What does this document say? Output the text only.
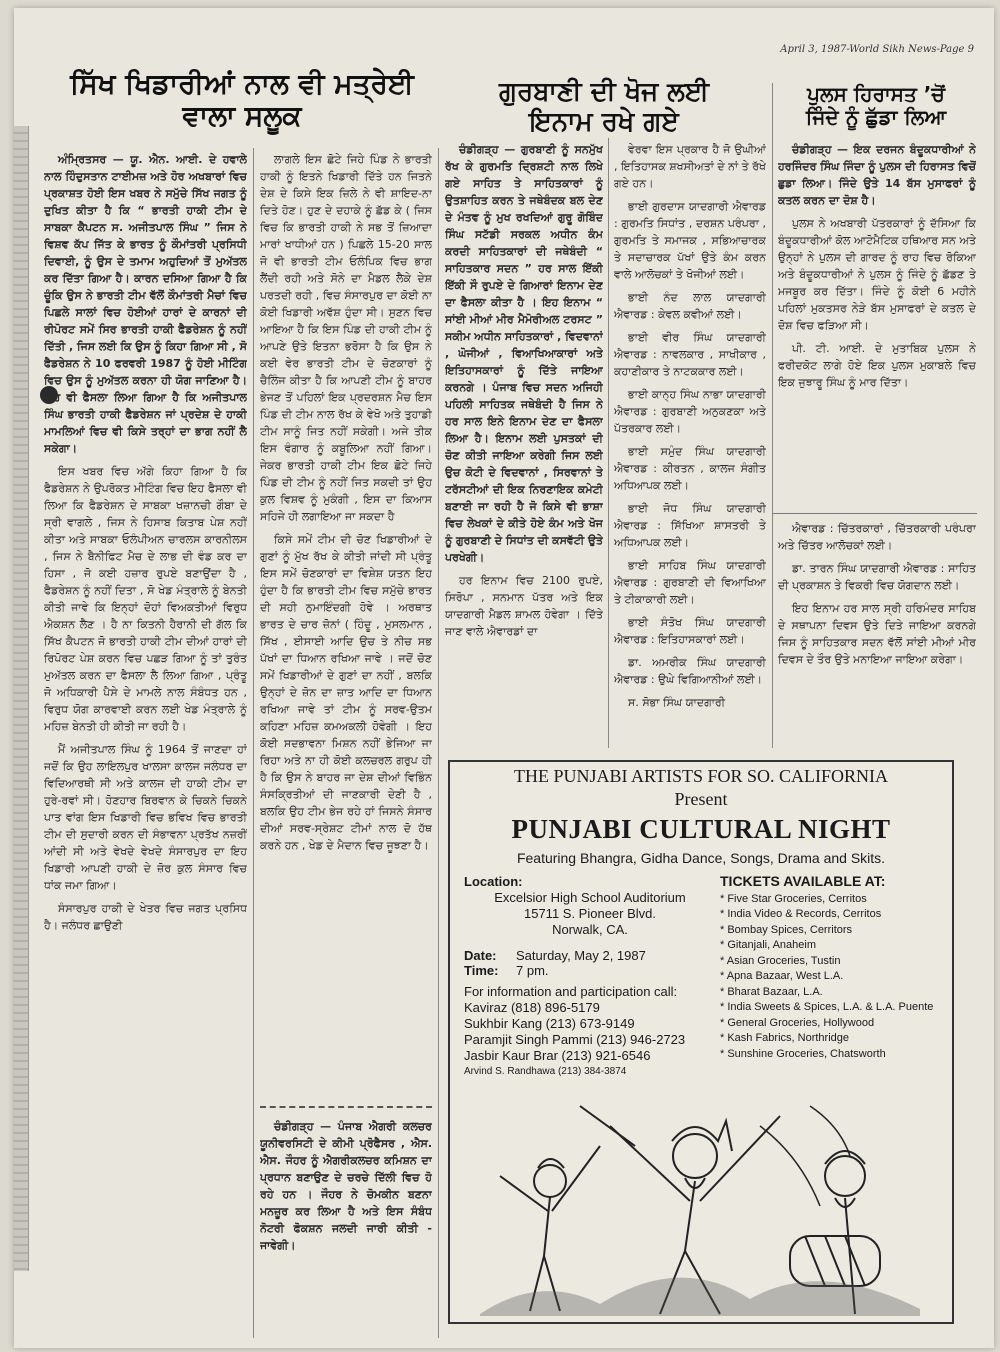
April 3, 1987-World Sikh News-Page 9
ਸਿੱਖ ਖਿਡਾਰੀਆਂ ਨਾਲ ਵੀ ਮਤ੍ਰੇਈ
ਵਾਲਾ ਸਲੂਕ
ਗੁਰਬਾਣੀ ਦੀ ਖੋਜ ਲਈ
ਇਨਾਮ ਰਖੇ ਗਏ
ਪੁਲਸ ਹਿਰਾਸਤ ’ਚੋਂ
ਜਿੰਦੇ ਨੂੰ ਛੁੱਡਾ ਲਿਆ

ਅੰਮ੍ਰਿਤਸਰ — ਯੂ. ਐਨ. ਆਈ. ਦੇ ਹਵਾਲੇ ਨਾਲ ਹਿੰਦੁਸਤਾਨ ਟਾਈਮਜ਼ ਅਤੇ ਹੋਰ ਅਖਬਾਰਾਂ ਵਿਚ ਪ੍ਰਕਾਸ਼ਤ ਹੋਈ ਇਸ ਖਬਰ ਨੇ ਸਮੁੱਚੇ ਸਿੱਖ ਜਗਤ ਨੂੰ ਦੁਖਿਤ ਕੀਤਾ ਹੈ ਕਿ “ ਭਾਰਤੀ ਹਾਕੀ ਟੀਮ ਦੇ ਸਾਬਕਾ ਕੈਪਟਨ ਸ. ਅਜੀਤਪਾਲ ਸਿੰਘ ” ਜਿਸ ਨੇ ਵਿਸ਼ਵ ਕੱਪ ਜਿੱਤ ਕੇ ਭਾਰਤ ਨੂੰ ਕੌਮਾਂਤਰੀ ਪ੍ਰਸਿਧੀ ਦਿਵਾਈ, ਨੂੰ ਉਸ ਦੇ ਤਮਾਮ ਅਹੁਦਿਆਂ ਤੋਂ ਮੁਅੱਤਲ ਕਰ ਦਿੱਤਾ ਗਿਆ ਹੈ। ਕਾਰਨ ਦਸਿਆ ਗਿਆ ਹੈ ਕਿ ਚੂੰਕਿ ਉਸ ਨੇ ਭਾਰਤੀ ਟੀਮ ਵੱਲੋਂ ਕੌਮਾਂਤਰੀ ਮੈਚਾਂ ਵਿਚ ਪਿਛਲੇ ਸਾਲਾਂ ਵਿਚ ਹੋਈਆਂ ਹਾਰਾਂ ਦੇ ਕਾਰਨਾਂ ਦੀ ਰੀਪੋਰਟ ਸਮੇਂ ਸਿਰ ਭਾਰਤੀ ਹਾਕੀ ਫੈਡਰੇਸ਼ਨ ਨੂੰ ਨਹੀਂ ਦਿੱਤੀ , ਜਿਸ ਲਈ ਕਿ ਉਸ ਨੂੰ ਕਿਹਾ ਗਿਆ ਸੀ , ਸੋ ਫੈਡਰੇਸ਼ਨ ਨੇ 10 ਫਰਵਰੀ 1987 ਨੂੰ ਹੋਈ ਮੀਟਿੰਗ ਵਿਚ ਉਸ ਨੂੰ ਮੁਅੱਤਲ ਕਰਨਾ ਹੀ ਯੋਗ ਜਾਣਿਆ ਹੈ। ਇਹ ਵੀ ਫੈਸਲਾ ਲਿਆ ਗਿਆ ਹੈ ਕਿ ਅਜੀਤਪਾਲ ਸਿੰਘ ਭਾਰਤੀ ਹਾਕੀ ਫੈਡਰੇਸ਼ਨ ਜਾਂ ਪ੍ਰਦੇਸ਼ ਦੇ ਹਾਕੀ ਮਾਮਲਿਆਂ ਵਿਚ ਵੀ ਕਿਸੇ ਤਰ੍ਹਾਂ ਦਾ ਭਾਗ ਨਹੀਂ ਲੈ ਸਕੇਗਾ।

ਇਸ ਖਬਰ ਵਿਚ ਅੱਗੇ ਕਿਹਾ ਗਿਆ ਹੈ ਕਿ ਫੈਡਰੇਸ਼ਨ ਨੇ ਉਪਰੋਕਤ ਮੀਟਿੰਗ ਵਿਚ ਇਹ ਫੈਸਲਾ ਵੀ ਲਿਆ ਕਿ ਫੈਡਰੇਸ਼ਨ ਦੇ ਸਾਬਕਾ ਖਜ਼ਾਨਚੀ ਗੌਬਾ ਦੇ ਸ੍ਰੀ ਵਾਗਲੇ , ਜਿਸ ਨੇ ਹਿਸਾਬ ਕਿਤਾਬ ਪੇਸ਼ ਨਹੀਂ ਕੀਤਾ ਅਤੇ ਸਾਬਕਾ ਓਲੰਪੀਅਨ ਚਾਰਲਸ ਕਾਰਨੀਲਸ , ਜਿਸ ਨੇ ਬੈਨੀਫਿਟ ਮੈਚ ਦੇ ਲਾਭ ਦੀ ਵੰਡ ਕਰ ਦਾ ਹਿਸਾ , ਜੋ ਕਈ ਹਜ਼ਾਰ ਰੁਪਏ ਬਣਾਉਂਦਾ ਹੈ , ਫੈਡਰੇਸ਼ਨ ਨੂੰ ਨਹੀਂ ਦਿਤਾ , ਸੋ ਖੇਡ ਮੰਤ੍ਰਾਲੇ ਨੂੰ ਬੇਨਤੀ ਕੀਤੀ ਜਾਵੇ ਕਿ ਇਨ੍ਹਾਂ ਦੋਹਾਂ ਵਿਅਕਤੀਆਂ ਵਿਰੁਧ ਐਕਸ਼ਨ ਲੈਣ । ਹੈ ਨਾ ਕਿਤਨੀ ਹੈਰਾਨੀ ਦੀ ਗੱਲ ਕਿ ਸਿੱਖ ਕੈਪਟਨ ਜੋ ਭਾਰਤੀ ਹਾਕੀ ਟੀਮ ਦੀਆਂ ਹਾਰਾਂ ਦੀ ਰਿਪੋਰਟ ਪੇਸ਼ ਕਰਨ ਵਿਚ ਪਛੜ ਗਿਆ ਨੂੰ ਤਾਂ ਤੁਰੰਤ ਮੁਅੱਤਲ ਕਰਨ ਦਾ ਫੈਸਲਾ ਲੈ ਲਿਆ ਗਿਆ , ਪ੍ਰੰਤੂ ਜੋ ਅਧਿਕਾਰੀ ਪੈਸੇ ਦੇ ਮਾਮਲੇ ਨਾਲ ਸੰਬੰਧਤ ਹਨ , ਵਿਰੁਧ ਯੋਗ ਕਾਰਵਾਈ ਕਰਨ ਲਈ ਖੇਡ ਮੰਤ੍ਰਾਲੇ ਨੂੰ ਮਹਿਜ਼ ਬੇਨਤੀ ਹੀ ਕੀਤੀ ਜਾ ਰਹੀ ਹੈ।

ਮੈਂ ਅਜੀਤਪਾਲ ਸਿੰਘ ਨੂੰ 1964 ਤੋਂ ਜਾਣਦਾ ਹਾਂ ਜਦੋਂ ਕਿ ਉਹ ਲਾਇਲਪੁਰ ਖਾਲਸਾ ਕਾਲਜ ਜਲੰਧਰ ਦਾ ਵਿਦਿਆਰਥੀ ਸੀ ਅਤੇ ਕਾਲਜ ਦੀ ਹਾਕੀ ਟੀਮ ਦਾ ਹੁਰੇ-ਰਵਾਂ ਸੀ। ਹੋਣਹਾਰ ਬਿਰਵਾਨ ਕੇ ਚਿਕਨੇ ਚਿਕਨੇ ਪਾਤ ਵਾਂਗ ਇਸ ਖਿਡਾਰੀ ਵਿਚ ਭਵਿਖ ਵਿਚ ਭਾਰਤੀ ਟੀਮ ਦੀ ਸੁਦਾਰੀ ਕਰਨ ਦੀ ਸੰਭਾਵਨਾ ਪ੍ਰਤੱਖ ਨਜ਼ਰੀਂ ਆਂਦੀ ਸੀ ਅਤੇ ਵੇਖਦੇ ਵੇਖਦੇ ਸੰਸਾਰਪੁਰ ਦਾ ਇਹ ਖਿਡਾਰੀ ਆਪਣੀ ਹਾਕੀ ਦੇ ਜ਼ੋਰ ਕੁਲ ਸੰਸਾਰ ਵਿਚ ਧਾਂਕ ਜਮਾ ਗਿਆ।

ਸੰਸਾਰਪੁਰ ਹਾਕੀ ਦੇ ਖੇਤਰ ਵਿਚ ਜਗਤ ਪ੍ਰਸਿਧ ਹੈ। ਜਲੰਧਰ ਛਾਉਣੀ

ਲਾਗਲੇ ਇਸ ਛੋਟੇ ਜਿਹੇ ਪਿੰਡ ਨੇ ਭਾਰਤੀ ਹਾਕੀ ਨੂੰ ਇਤਨੇ ਖਿਡਾਰੀ ਦਿੱਤੇ ਹਨ ਜਿਤਨੇ ਦੇਸ਼ ਦੇ ਕਿਸੇ ਇਕ ਜ਼ਿਲੇ ਨੇ ਵੀ ਸ਼ਾਇਦ-ਨਾ ਦਿਤੇ ਹੋਣ। ਹੁਣ ਦੇ ਦਹਾਕੇ ਨੂੰ ਛੱਡ ਕੇ ( ਜਿਸ ਵਿਚ ਕਿ ਭਾਰਤੀ ਹਾਕੀ ਨੇ ਸਭ ਤੋਂ ਜ਼ਿਆਦਾ ਮਾਰਾਂ ਖਾਧੀਆਂ ਹਨ ) ਪਿਛਲੇ 15-20 ਸਾਲ ਜੋ ਵੀ ਭਾਰਤੀ ਟੀਮ ਓਲੰਪਿਕ ਵਿਚ ਭਾਗ ਲੈਂਦੀ ਰਹੀ ਅਤੇ ਸੋਨੇ ਦਾ ਮੈਡਲ ਲੈਕੇ ਦੇਸ਼ ਪਰਤਦੀ ਰਹੀ , ਵਿਚ ਸੰਸਾਰਪੁਰ ਦਾ ਕੋਈ ਨਾ ਕੋਈ ਖਿਡਾਰੀ ਅਵੱਸ਼ ਹੁੰਦਾ ਸੀ। ਸੁਣਨ ਵਿਚ ਆਇਆ ਹੈ ਕਿ ਇਸ ਪਿੰਡ ਦੀ ਹਾਕੀ ਟੀਮ ਨੂੰ ਆਪਣੇ ਉਤੇ ਇਤਨਾ ਭਰੋਸਾ ਹੈ ਕਿ ਉਸ ਨੇ ਕਈ ਵੇਰ ਭਾਰਤੀ ਟੀਮ ਦੇ ਚੋਣਕਾਰਾਂ ਨੂੰ ਚੈਲਿੰਜ ਕੀਤਾ ਹੈ ਕਿ ਆਪਣੀ ਟੀਮ ਨੂੰ ਬਾਹਰ ਭੇਜਣ ਤੋਂ ਪਹਿਲਾਂ ਇਕ ਪ੍ਰਦਰਸ਼ਨ ਮੈਚ ਇਸ ਪਿੰਡ ਦੀ ਟੀਮ ਨਾਲ ਰੱਖ ਕੇ ਵੇਖੋ ਅਤੇ ਤੁਹਾਡੀ ਟੀਮ ਸਾਨੂੰ ਜਿਤ ਨਹੀਂ ਸਕੇਗੀ। ਅਜੇ ਤੀਕ ਇਸ ਵੰਗਾਰ ਨੂੰ ਕਬੂਲਿਆ ਨਹੀਂ ਗਿਆ। ਜੇਕਰ ਭਾਰਤੀ ਹਾਕੀ ਟੀਮ ਇਕ ਛੋਟੇ ਜਿਹੇ ਪਿੰਡ ਦੀ ਟੀਮ ਨੂੰ ਨਹੀਂ ਜਿਤ ਸਕਦੀ ਤਾਂ ਉਹ ਕੁਲ ਵਿਸ਼ਵ ਨੂੰ ਮੁਕੰਗੀ , ਇਸ ਦਾ ਕਿਆਸ ਸਹਿਜੇ ਹੀ ਲਗਾਇਆ ਜਾ ਸਕਦਾ ਹੈ

ਕਿਸੇ ਸਮੇਂ ਟੀਮ ਦੀ ਚੋਣ ਖਿਡਾਰੀਆਂ ਦੇ ਗੁਣਾਂ ਨੂੰ ਮੁੱਖ ਰੱਖ ਕੇ ਕੀਤੀ ਜਾਂਦੀ ਸੀ ਪ੍ਰੰਤੂ ਇਸ ਸਮੇਂ ਚੋਣਕਾਰਾਂ ਦਾ ਵਿਸ਼ੇਸ਼ ਯਤਨ ਇਹ ਹੁੰਦਾ ਹੈ ਕਿ ਭਾਰਤੀ ਟੀਮ ਵਿਚ ਸਮੁੱਚੇ ਭਾਰਤ ਦੀ ਸਹੀ ਨੁਮਾਇੰਦਗੀ ਹੋਵੇ । ਅਰਥਾਤ ਭਾਰਤ ਦੇ ਚਾਰ ਜ਼ੋਨਾਂ ( ਹਿੰਦੂ , ਮੁਸਲਮਾਨ , ਸਿੱਖ , ਈਸਾਈ ਆਦਿ ਉਚ ਤੇ ਨੀਚ ਸਭ ਪੱਖਾਂ ਦਾ ਧਿਆਨ ਰਖਿਆ ਜਾਵੇ । ਜਦੋਂ ਚੋਣ ਸਮੇਂ ਖਿਡਾਰੀਆਂ ਦੇ ਗੁਣਾਂ ਦਾ ਨਹੀਂ , ਬਲਕਿ ਉਨ੍ਹਾਂ ਦੇ ਜ਼ੋਨ ਦਾ ਜ਼ਾਤ ਆਦਿ ਦਾ ਧਿਆਨ ਰਖਿਆ ਜਾਵੇ ਤਾਂ ਟੀਮ ਨੂੰ ਸਰਵ-ਉਤਮ ਕਹਿਣਾ ਮਹਿਜ਼ ਕਮਅਕਲੀ ਹੋਵੇਗੀ । ਇਹ ਕੋਈ ਸਦਭਾਵਨਾ ਮਿਸ਼ਨ ਨਹੀਂ ਭੇਜਿਆ ਜਾ ਰਿਹਾ ਅਤੇ ਨਾ ਹੀ ਕੋਈ ਕਲਚਰਲ ਗਰੁਪ ਹੀ ਹੈ ਕਿ ਉਸ ਨੇ ਬਾਹਰ ਜਾ ਦੇਸ਼ ਦੀਆਂ ਵਿਭਿੰਨ ਸੰਸਕ੍ਰਿਤੀਆਂ ਦੀ ਜਾਣਕਾਰੀ ਦੇਣੀ ਹੈ , ਬਲਕਿ ਉਹ ਟੀਮ ਭੇਜ ਰਹੇ ਹਾਂ ਜਿਸਨੇ ਸੰਸਾਰ ਦੀਆਂ ਸਰਵ-ਸ੍ਰੇਸ਼ਟ ਟੀਮਾਂ ਨਾਲ ਦੋ ਹੱਥ ਕਰਨੇ ਹਨ , ਖੇਡ ਦੇ ਮੈਦਾਨ ਵਿਚ ਜੂਝਣਾ ਹੈ।

ਚੰਡੀਗੜ੍ਹ — ਪੰਜਾਬ ਐਗਰੀ ਕਲਚਰ ਯੂਨੀਵਰਸਿਟੀ ਦੇ ਕੀਮੀ ਪ੍ਰੋਫੈਸਰ , ਐਸ. ਐਸ. ਜੌਹਰ ਨੂੰ ਐਗਰੀਕਲਚਰ ਕਮਿਸ਼ਨ ਦਾ ਪ੍ਰਧਾਨ ਬਣਾਉਣ ਦੇ ਚਰਚੇ ਦਿੱਲੀ ਵਿਚ ਹੋ ਰਹੇ ਹਨ । ਜੌਹਰ ਨੇ ਚੋਮਕੀਨ ਬਣਨਾ ਮਨਜ਼ੂਰ ਕਰ ਲਿਆ ਹੈ ਅਤੇ ਇਸ ਸੰਬੰਧ ਨੋਟਰੀ ਫੋਕਸ਼ਨ ਜਲਦੀ ਜਾਰੀ ਕੀਤੀ - ਜਾਵੇਗੀ।

ਚੰਡੀਗੜ੍ਹ — ਗੁਰਬਾਣੀ ਨੂੰ ਸਨਮੁੱਖ ਰੱਖ ਕੇ ਗੁਰਮਤਿ ਦ੍ਰਿਸ਼ਟੀ ਨਾਲ ਲਿਖੇ ਗਏ ਸਾਹਿਤ ਤੇ ਸਾਹਿਤਕਾਰਾਂ ਨੂੰ ਉਤਸ਼ਾਹਿਤ ਕਰਨ ਤੇ ਜਥੇਬੰਦਕ ਬਲ ਦੇਣ ਦੇ ਮੰਤਵ ਨੂੰ ਮੁਖ ਰਖਦਿਆਂ ਗੁਰੂ ਗੋਬਿੰਦ ਸਿੰਘ ਸਟੱਡੀ ਸਰਕਲ ਅਧੀਨ ਕੰਮ ਕਰਦੀ ਸਾਹਿਤਕਾਰਾਂ ਦੀ ਜਥੇਬੰਦੀ “ ਸਾਹਿਤਕਾਰ ਸਦਨ ” ਹਰ ਸਾਲ ਇੱਕੀ ਇੱਕੀ ਸੌ ਰੁਪਏ ਦੇ ਗਿਆਰਾਂ ਇਨਾਮ ਦੇਣ ਦਾ ਫੈਸਲਾ ਕੀਤਾ ਹੈ । ਇਹ ਇਨਾਮ “ ਸਾਂਈ ਮੀਆਂ ਮੀਰ ਮੈਮੋਰੀਅਲ ਟਰਸਟ ” ਸਕੀਮ ਅਧੀਨ ਸਾਹਿਤਕਾਰਾਂ , ਵਿਦਵਾਨਾਂ , ਘੋਜੀਆਂ , ਵਿਆਖਿਆਕਾਰਾਂ ਅਤੇ ਇਤਿਹਾਸਕਾਰਾਂ ਨੂੰ ਦਿੱਤੇ ਜਾਇਆ ਕਰਨਗੇ । ਪੰਜਾਬ ਵਿਚ ਸਦਨ ਅਜਿਹੀ ਪਹਿਲੀ ਸਾਹਿਤਕ ਜਥੇਬੰਦੀ ਹੈ ਜਿਸ ਨੇ ਹਰ ਸਾਲ ਇਨੇ ਇਨਾਮ ਦੇਣ ਦਾ ਫੈਸਲਾ ਲਿਆ ਹੈ। ਇਨਾਮ ਲਈ ਪੁਸਤਕਾਂ ਦੀ ਚੋਣ ਕੀਤੀ ਜਾਇਆ ਕਰੇਗੀ ਜਿਸ ਲਈ ਉਚ ਕੋਟੀ ਦੇ ਵਿਦਵਾਨਾਂ , ਸਿਰਵਾਨਾਂ ਤੇ ਟਰੱਸਟੀਆਂ ਦੀ ਇਕ ਨਿਰਣਾਇਕ ਕਮੇਟੀ ਬਣਾਈ ਜਾ ਰਹੀ ਹੈ ਜੋ ਕਿਸੇ ਵੀ ਭਾਸ਼ਾ ਵਿਚ ਲੇਖਕਾਂ ਦੇ ਕੀਤੇ ਹੋਏ ਕੰਮ ਅਤੇ ਖੋਜ ਨੂੰ ਗੁਰਬਾਣੀ ਦੇ ਸਿਧਾਂਤ ਦੀ ਕਸਵੱਟੀ ਉਤੇ ਪਰਖੇਗੀ।

ਹਰ ਇਨਾਮ ਵਿਚ 2100 ਰੁਪਏ, ਸਿਰੋਪਾ , ਸਨਮਾਨ ਪੱਤਰ ਅਤੇ ਇਕ ਯਾਦਗਾਰੀ ਮੈਡਲ ਸ਼ਾਮਲ ਹੋਵੇਗਾ । ਦਿੱਤੇ ਜਾਣ ਵਾਲੇ ਐਵਾਰਡਾਂ ਦਾ

ਵੇਰਵਾ ਇਸ ਪ੍ਰਕਾਰ ਹੈ ਜੋ ਉਘੀਆਂ , ਇਤਿਹਾਸਕ ਸ਼ਖਸੀਅਤਾਂ ਦੇ ਨਾਂ ਤੇ ਰੱਖੇ ਗਏ ਹਨ।

ਭਾਈ ਗੁਰਦਾਸ ਯਾਦਗਾਰੀ ਐਵਾਰਡ : ਗੁਰਮਤਿ ਸਿਧਾਂਤ , ਦਰਸ਼ਨ ਪਰੰਪਰਾ , ਗੁਰਮਤਿ ਤੇ ਸਮਾਜਕ , ਸਭਿਆਚਾਰਕ ਤੇ ਸਦਾਚਾਰਕ ਪੱਖਾਂ ਉਤੇ ਕੰਮ ਕਰਨ ਵਾਲੇ ਆਲੋਚਕਾਂ ਤੇ ਖੋਜੀਆਂ ਲਈ।

ਭਾਈ ਨੰਦ ਲਾਲ ਯਾਦਗਾਰੀ ਐਵਾਰਡ : ਕੇਵਲ ਕਵੀਆਂ ਲਈ।

ਭਾਈ ਵੀਰ ਸਿੰਘ ਯਾਦਗਾਰੀ ਐਵਾਰਡ : ਨਾਵਲਕਾਰ , ਸਾਖੀਕਾਰ , ਕਹਾਣੀਕਾਰ ਤੇ ਨਾਟਕਕਾਰ ਲਈ।

ਭਾਈ ਕਾਨ੍ਹ ਸਿੰਘ ਨਾਭਾ ਯਾਦਗਾਰੀ ਐਵਾਰਡ : ਗੁਰਬਾਣੀ ਅਨੁਕਣਕਾ ਅਤੇ ਪੱਤਰਕਾਰ ਲਈ।

ਭਾਈ ਸਮੁੰਦ ਸਿੰਘ ਯਾਦਗਾਰੀ ਐਵਾਰਡ : ਕੀਰਤਨ , ਕਾਲਜ ਸੰਗੀਤ ਅਧਿਆਪਕ ਲਈ।

ਭਾਈ ਜੋਧ ਸਿੰਘ ਯਾਦਗਾਰੀ ਐਵਾਰਡ : ਸਿੱਖਿਆ ਸ਼ਾਸਤਰੀ ਤੇ ਅਧਿਆਪਕ ਲਈ।

ਭਾਈ ਸਾਹਿਬ ਸਿੰਘ ਯਾਦਗਾਰੀ ਐਵਾਰਡ : ਗੁਰਬਾਣੀ ਦੀ ਵਿਆਖਿਆ ਤੇ ਟੀਕਾਕਾਰੀ ਲਈ।

ਭਾਈ ਸੰਤੋਖ ਸਿੰਘ ਯਾਦਗਾਰੀ ਐਵਾਰਡ : ਇਤਿਹਾਸਕਾਰਾਂ ਲਈ।

ਡਾ. ਅਮਰੀਕ ਸਿੰਘ ਯਾਦਗਾਰੀ ਐਵਾਰਡ : ਉਘੇ ਵਿਗਿਆਨੀਆਂ ਲਈ।

ਸ. ਸੋਭਾ ਸਿੰਘ ਯਾਦਗਾਰੀ

ਚੰਡੀਗੜ੍ਹ — ਇਕ ਦਰਜਨ ਬੰਦੂਕਧਾਰੀਆਂ ਨੇ ਹਰਜਿੰਦਰ ਸਿੰਘ ਜਿੰਦਾ ਨੂੰ ਪੁਲਸ ਦੀ ਹਿਰਾਸਤ ਵਿਚੋਂ ਛੁਡਾ ਲਿਆ। ਜਿੰਦੇ ਉਤੇ 14 ਬੱਸ ਮੁਸਾਫਰਾਂ ਨੂੰ ਕਤਲ ਕਰਨ ਦਾ ਦੋਸ਼ ਹੈ।

ਪੁਲਸ ਨੇ ਅਖਬਾਰੀ ਪੱਤਰਕਾਰਾਂ ਨੂੰ ਦੱਸਿਆ ਕਿ ਬੰਦੂਕਧਾਰੀਆਂ ਕੋਲ ਆਟੋਮੈਟਿਕ ਹਥਿਆਰ ਸਨ ਅਤੇ ਉਨ੍ਹਾਂ ਨੇ ਪੁਲਸ ਦੀ ਗਾਰਦ ਨੂੰ ਰਾਹ ਵਿਚ ਰੋਕਿਆ ਅਤੇ ਬੰਦੂਕਧਾਰੀਆਂ ਨੇ ਪੁਲਸ ਨੂੰ ਜਿੰਦੇ ਨੂੰ ਛੱਡਣ ਤੇ ਮਜਬੂਰ ਕਰ ਦਿੱਤਾ। ਜਿੰਦੇ ਨੂੰ ਕੋਈ 6 ਮਹੀਨੇ ਪਹਿਲਾਂ ਮੁਕਤਸਰ ਨੇੜੇ ਬੱਸ ਮੁਸਾਫਰਾਂ ਦੇ ਕਤਲ ਦੇ ਦੋਸ਼ ਵਿਚ ਫੜਿਆ ਸੀ।

ਪੀ. ਟੀ. ਆਈ. ਦੇ ਮੁਤਾਬਿਕ ਪੁਲਸ ਨੇ ਫਰੀਦਕੋਟ ਲਾਗੇ ਹੋਏ ਇਕ ਪੁਲਸ ਮੁਕਾਬਲੇ ਵਿਚ ਇਕ ਜੁਝਾਰੂ ਸਿੰਘ ਨੂੰ ਮਾਰ ਦਿੱਤਾ।

ਐਵਾਰਡ : ਚਿੱਤਰਕਾਰਾਂ , ਚਿੱਤਰਕਾਰੀ ਪਰੰਪਰਾ ਅਤੇ ਚਿੱਤਰ ਆਲੋਚਕਾਂ ਲਈ।

ਡਾ. ਤਾਰਨ ਸਿੰਘ ਯਾਦਗਾਰੀ ਐਵਾਰਡ : ਸਾਹਿਤ ਦੀ ਪ੍ਰਕਾਸ਼ਨ ਤੇ ਵਿਕਰੀ ਵਿਚ ਯੋਗਦਾਨ ਲਈ।

ਇਹ ਇਨਾਮ ਹਰ ਸਾਲ ਸ੍ਰੀ ਹਰਿਮੰਦਰ ਸਾਹਿਬ ਦੇ ਸਥਾਪਨਾ ਦਿਵਸ ਉਤੇ ਦਿਤੇ ਜਾਇਆ ਕਰਨਗੇ ਜਿਸ ਨੂੰ ਸਾਹਿਤਕਾਰ ਸਦਨ ਵੱਲੋਂ ਸਾਂਈ ਮੀਆਂ ਮੀਰ ਦਿਵਸ ਦੇ ਤੌਰ ਉਤੇ ਮਨਾਇਆ ਜਾਇਆ ਕਰੇਗਾ।

THE PUNJABI ARTISTS FOR SO. CALIFORNIA
Present
PUNJABI CULTURAL NIGHT
Featuring Bhangra, Gidha Dance, Songs, Drama and Skits.
Location:
Excelsior High School Auditorium
15711 S. Pioneer Blvd.
Norwalk, CA.
Date: Saturday, May 2, 1987
Time: 7 pm.
For information and participation call:
Kaviraz (818) 896-5179
Sukhbir Kang (213) 673-9149
Paramjit Singh Pammi (213) 946-2723
Jasbir Kaur Brar (213) 921-6546
Arvind S. Randhawa (213) 384-3874
TICKETS AVAILABLE AT:
* Five Star Groceries, Cerritos
* India Video & Records, Cerritos
* Bombay Spices, Cerritors
* Gitanjali, Anaheim
* Asian Groceries, Tustin
* Apna Bazaar, West L.A.
* Bharat Bazaar, L.A.
* India Sweets & Spices, L.A. & L.A. Puente
* General Groceries, Hollywood
* Kash Fabrics, Northridge
* Sunshine Groceries, Chatsworth
